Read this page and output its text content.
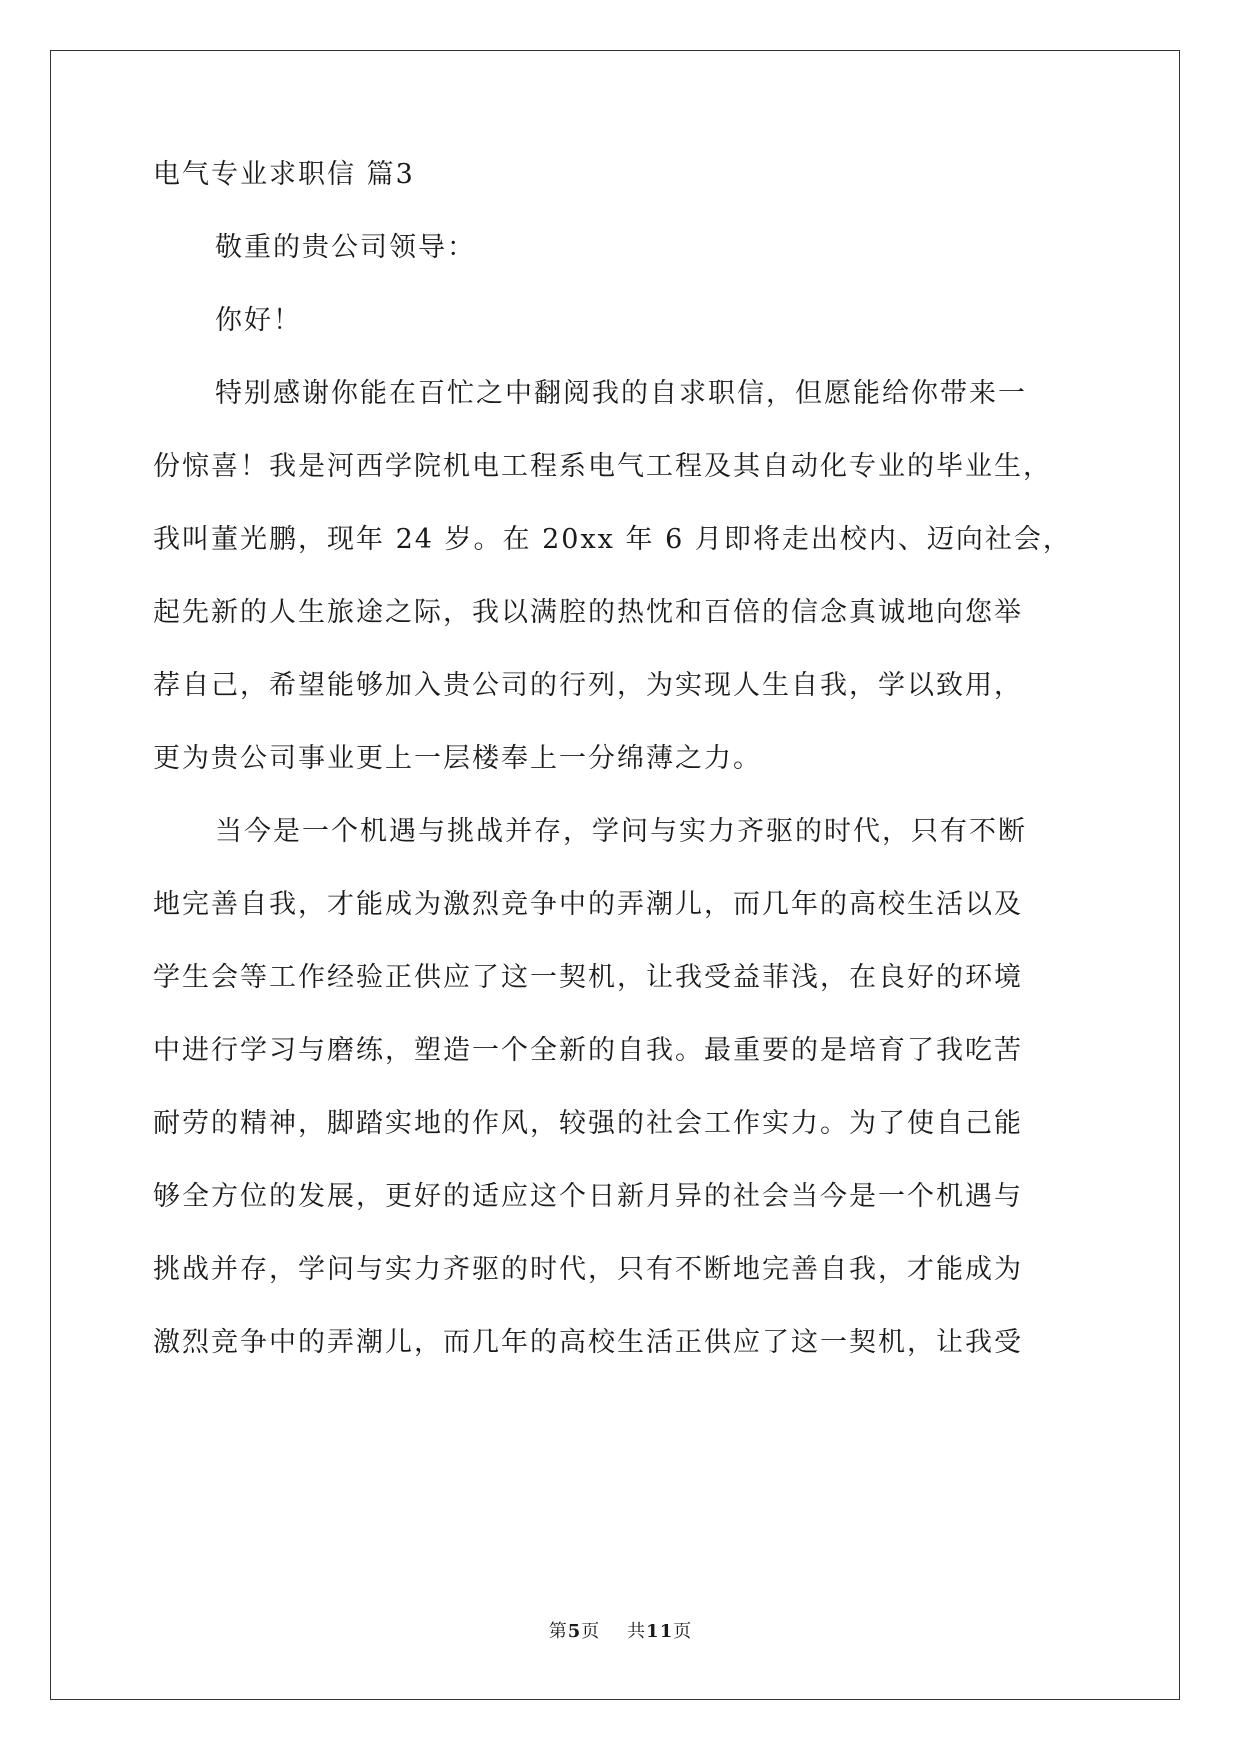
电气专业求职信 篇3
敬重的贵公司领导：
你好！
特别感谢你能在百忙之中翻阅我的自求职信，但愿能给你带来一
份惊喜！我是河西学院机电工程系电气工程及其自动化专业的毕业生，
我叫董光鹏，现年 24 岁。在 20xx 年 6 月即将走出校内、迈向社会，
起先新的人生旅途之际，我以满腔的热忱和百倍的信念真诚地向您举
荐自己，希望能够加入贵公司的行列，为实现人生自我，学以致用，
更为贵公司事业更上一层楼奉上一分绵薄之力。
当今是一个机遇与挑战并存，学问与实力齐驱的时代，只有不断
地完善自我，才能成为激烈竞争中的弄潮儿，而几年的高校生活以及
学生会等工作经验正供应了这一契机，让我受益菲浅，在良好的环境
中进行学习与磨练，塑造一个全新的自我。最重要的是培育了我吃苦
耐劳的精神，脚踏实地的作风，较强的社会工作实力。为了使自己能
够全方位的发展，更好的适应这个日新月异的社会当今是一个机遇与
挑战并存，学问与实力齐驱的时代，只有不断地完善自我，才能成为
激烈竞争中的弄潮儿，而几年的高校生活正供应了这一契机，让我受
第5页 共11页
